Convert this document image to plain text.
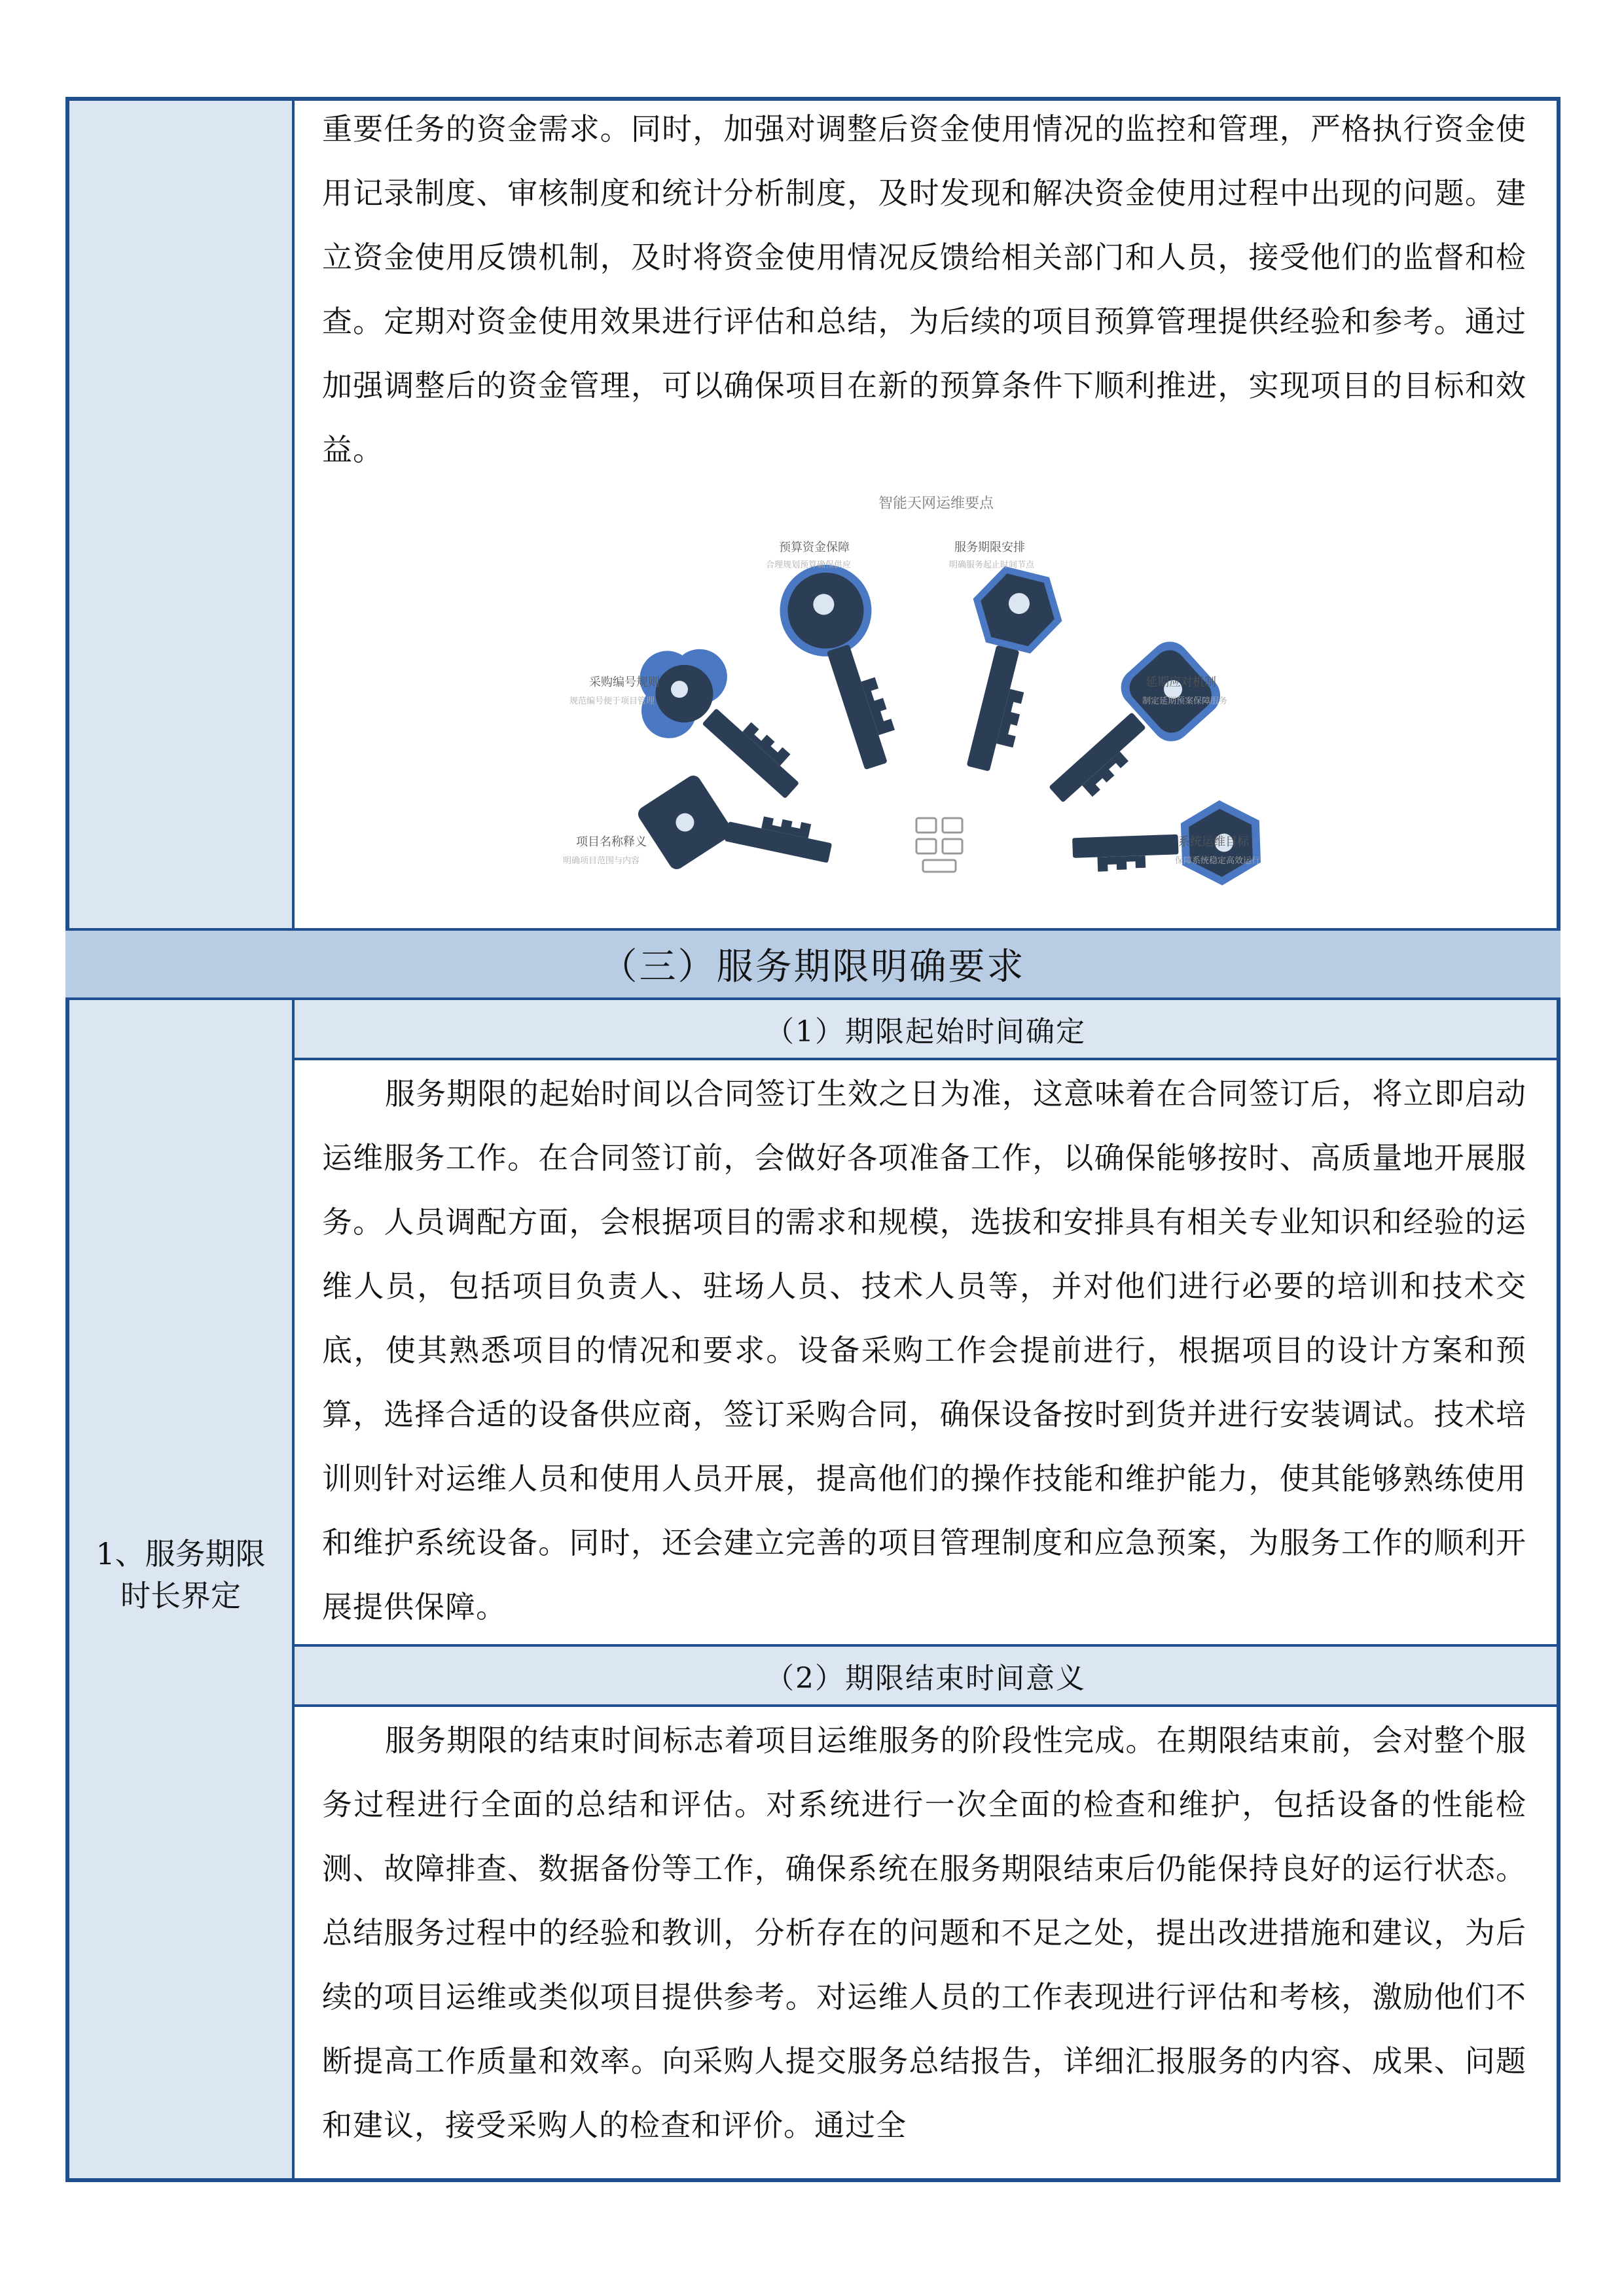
重要任务的资金需求。同时，加强对调整后资金使用情况的监控和管理，严格执行资金使用记录制度、审核制度和统计分析制度，及时发现和解决资金使用过程中出现的问题。建立资金使用反馈机制，及时将资金使用情况反馈给相关部门和人员，接受他们的监督和检查。定期对资金使用效果进行评估和总结，为后续的项目预算管理提供经验和参考。通过加强调整后的资金管理，可以确保项目在新的预算条件下顺利推进，实现项目的目标和效益。

智能天网运维要点
预算资金保障
合理规划预算确保供应
服务期限安排
明确服务起止时间节点
采购编号规则
规范编号便于项目管理
延期应对机制
制定延期预案保障服务
项目名称释义
明确项目范围与内容
系统运维目标
保障系统稳定高效运行
（三）服务期限明确要求
1、服务期限时长界定
（1）期限起始时间确定

服务期限的起始时间以合同签订生效之日为准，这意味着在合同签订后，将立即启动运维服务工作。在合同签订前，会做好各项准备工作，以确保能够按时、高质量地开展服务。人员调配方面，会根据项目的需求和规模，选拔和安排具有相关专业知识和经验的运维人员，包括项目负责人、驻场人员、技术人员等，并对他们进行必要的培训和技术交底，使其熟悉项目的情况和要求。设备采购工作会提前进行，根据项目的设计方案和预算，选择合适的设备供应商，签订采购合同，确保设备按时到货并进行安装调试。技术培训则针对运维人员和使用人员开展，提高他们的操作技能和维护能力，使其能够熟练使用和维护系统设备。同时，还会建立完善的项目管理制度和应急预案，为服务工作的顺利开展提供保障。

（2）期限结束时间意义

服务期限的结束时间标志着项目运维服务的阶段性完成。在期限结束前，会对整个服务过程进行全面的总结和评估。对系统进行一次全面的检查和维护，包括设备的性能检测、故障排查、数据备份等工作，确保系统在服务期限结束后仍能保持良好的运行状态。总结服务过程中的经验和教训，分析存在的问题和不足之处，提出改进措施和建议，为后续的项目运维或类似项目提供参考。对运维人员的工作表现进行评估和考核，激励他们不断提高工作质量和效率。向采购人提交服务总结报告，详细汇报服务的内容、成果、问题和建议，接受采购人的检查和评价。通过全
